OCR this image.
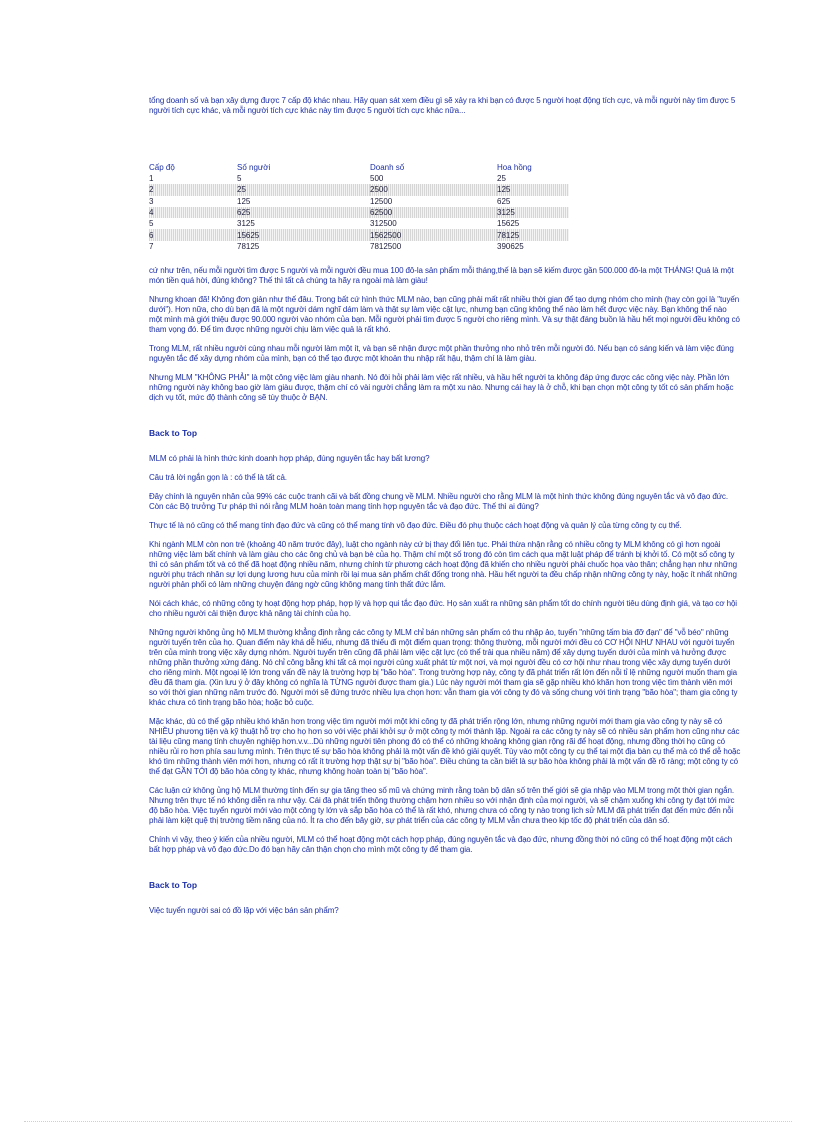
tổng doanh số và bạn xây dựng được 7 cấp độ khác nhau. Hãy quan sát xem điều gì sẽ xảy ra khi bạn có được 5 người hoạt động tích cực, và mỗi người này tìm được 5 người tích cực khác, và mỗi người tích cực khác này tìm được 5 người tích cực khác nữa...

Cấp độ	Số người	Doanh số	Hoa hồng
1	5	500	25
2	25	2500	125
3	125	12500	625
4	625	62500	3125
5	3125	312500	15625
6	15625	1562500	78125
7	78125	7812500	390625

cứ như trên, nếu mỗi người tìm được 5 người và mỗi người đều mua 100 đô-la sản phẩm mỗi tháng,thế là bạn sẽ kiếm được gần 500.000 đô-la một THÁNG! Quả là một món tiền quá hời, đúng không? Thế thì tất cả chúng ta hãy ra ngoài mà làm giàu!

Nhưng khoan đã! Không đơn giản như thế đâu. Trong bất cứ hình thức MLM nào, bạn cũng phải mất rất nhiều thời gian để tạo dựng nhóm cho mình (hay còn gọi là "tuyến dưới"). Hơn nữa, cho dù bạn đã là một người dám nghĩ dám làm và thật sự làm việc cật lực, nhưng bạn cũng không thể nào làm hết được việc này. Bạn không thể nào một mình mà giới thiệu được 90.000 người vào nhóm của bạn. Mỗi người phải tìm được 5 người cho riêng mình. Và sự thật đáng buồn là hầu hết mọi người đều không có tham vọng đó. Để tìm được những người chịu làm việc quả là rất khó.

Trong MLM, rất nhiều người cùng nhau mỗi người làm một ít, và bạn sẽ nhận được một phần thưởng nho nhỏ trên mỗi người đó. Nếu bạn có sáng kiến và làm việc đúng nguyên tắc để xây dựng nhóm của mình, bạn có thể tạo được một khoản thu nhập rất hậu, thậm chí là làm giàu.

Nhưng MLM "KHÔNG PHẢI" là một công việc làm giàu nhanh. Nó đòi hỏi phải làm việc rất nhiều, và hầu hết người ta không đáp ứng được các công việc này. Phần lớn những người này không bao giờ làm giàu được, thậm chí có vài người chẳng làm ra một xu nào. Nhưng cái hay là ở chỗ, khi bạn chọn một công ty tốt có sản phẩm hoặc dịch vụ tốt, mức độ thành công sẽ tùy thuộc ở BẠN.

Back to Top

MLM có phải là hình thức kinh doanh hợp pháp, đúng nguyên tắc hay bất lương?

Câu trả lời ngắn gọn là : có thể là tất cả.

Đây chính là nguyên nhân của 99% các cuộc tranh cãi và bất đồng chung về MLM. Nhiều người cho rằng MLM là một hình thức không đúng nguyên tắc và vô đạo đức. Còn các Bộ trưởng Tư pháp thì nói rằng MLM hoàn toàn mang tính hợp nguyên tắc và đạo đức. Thế thì ai đúng?

Thực tế là nó cũng có thể mang tính đạo đức và cũng có thể mang tính vô đạo đức. Điều đó phụ thuộc cách hoạt động và quản lý của từng công ty cụ thể.

Khi ngành MLM còn non trẻ (khoảng 40 năm trước đây), luật cho ngành này cứ bị thay đổi liên tục. Phải thừa nhận rằng có nhiều công ty MLM không có gì hơn ngoài những việc làm bất chính và làm giàu cho các ông chủ và bạn bè của họ. Thậm chí một số trong đó còn tìm cách qua mặt luật pháp để tránh bị khởi tố. Có một số công ty thì có sản phẩm tốt và có thể đã hoạt động nhiều năm, nhưng chính từ phương cách hoạt động đã khiến cho nhiều người phải chuốc họa vào thân; chẳng hạn như những người phụ trách nhân sự lợi dụng lương hưu của mình rồi lại mua sản phẩm chất đống trong nhà. Hầu hết người ta đều chấp nhận những công ty này, hoặc ít nhất những người phản phối có làm những chuyện đáng ngờ cũng không mang tính thất đức lắm.

Nói cách khác, có những công ty hoạt động hợp pháp, hợp lý và hợp qui tắc đạo đức. Họ sản xuất ra những sản phẩm tốt do chính người tiêu dùng định giá, và tạo cơ hội cho nhiều người cải thiện được khả năng tài chính của họ.

Những người không ủng hộ MLM thường khẳng định rằng các công ty MLM chỉ bán những sản phẩm có thu nhập ảo, tuyển "những tấm bia đỡ đạn" để "vỗ béo" những người tuyển trên của họ. Quan điểm này khá dễ hiểu, nhưng đã thiếu đi một điểm quan trọng: thông thường, mỗi người mới đều có CƠ HỘI NHƯ NHAU với người tuyển trên của mình trong việc xây dựng nhóm. Người tuyển trên cũng đã phải làm việc cật lực (có thể trải qua nhiều năm) để xây dựng tuyến dưới của mình và hưởng được những phần thưởng xứng đáng. Nó chỉ công bằng khi tất cả mọi người cùng xuất phát từ một nơi, và mọi người đều có cơ hội như nhau trong việc xây dựng tuyến dưới cho riêng mình. Một ngoại lệ lớn trong vấn đề này là trường hợp bị "bão hòa". Trong trường hợp này, công ty đã phát triển rất lớn đến nỗi tỉ lệ những người muốn tham gia đều đã tham gia. (Xin lưu ý ở đây không có nghĩa là TỪNG người được tham gia.) Lúc này người mới tham gia sẽ gặp nhiều khó khăn hơn trong việc tìm thành viên mới so với thời gian những năm trước đó. Người mới sẽ đứng trước nhiều lựa chọn hơn: vẫn tham gia với công ty đó và sống chung với tình trạng "bão hòa"; tham gia công ty khác chưa có tình trạng bão hòa; hoặc bỏ cuộc.

Mặc khác, dù có thể gặp nhiều khó khăn hơn trong việc tìm người mới một khi công ty đã phát triển rộng lớn, nhưng những người mới tham gia vào công ty này sẽ có NHIỀU phương tiện và kỹ thuật hỗ trợ cho họ hơn so với việc phải khởi sự ở một công ty mới thành lập. Ngoài ra các công ty này sẽ có nhiều sản phẩm hơn cũng như các tài liệu cũng mang tính chuyên nghiệp hơn.v.v...Dù những người tiên phong đó có thể có những khoảng không gian rộng rãi để hoạt động, nhưng đồng thời họ cũng có nhiều rủi ro hơn phía sau lưng mình. Trên thực tế sự bão hòa không phải là một vấn đề khó giải quyết. Tùy vào một công ty cụ thể tại một địa bàn cụ thể mà có thể dễ hoặc khó tìm những thành viên mới hơn, nhưng có rất ít trường hợp thật sự bị "bão hòa". Điều chúng ta cần biết là sự bão hòa không phải là một vấn đề rõ ràng; một công ty có thể đạt GẦN TỚI độ bão hòa công ty khác, nhưng không hoàn toàn bị "bão hòa".

Các luận cứ không ủng hộ MLM thường tính đến sự gia tăng theo số mũ và chứng minh rằng toàn bộ dân số trên thế giới sẽ gia nhập vào MLM trong một thời gian ngắn. Nhưng trên thực tế nó không diễn ra như vậy. Cái đà phát triển thông thường chậm hơn nhiều so với nhận định của mọi người, và sẽ chậm xuống khi công ty đạt tới mức độ bão hòa. Việc tuyển người mới vào một công ty lớn và sắp bão hòa có thể là rất khó, nhưng chưa có công ty nào trong lịch sử MLM đã phát triển đạt đến mức đến nỗi phải làm kiệt quệ thị trường tiềm năng của nó. Ít ra cho đến bây giờ, sự phát triển của các công ty MLM vẫn chưa theo kịp tốc độ phát triển của dân số.

Chính vì vậy, theo ý kiến của nhiều người, MLM có thể hoạt động một cách hợp pháp, đúng nguyên tắc và đạo đức, nhưng đồng thời nó cũng có thể hoạt động một cách bất hợp pháp và vô đạo đức.Do đó bạn hãy cân thận chọn cho mình một công ty để tham gia.

Back to Top

Việc tuyển người sai có đồ lập với việc bán sản phẩm?
